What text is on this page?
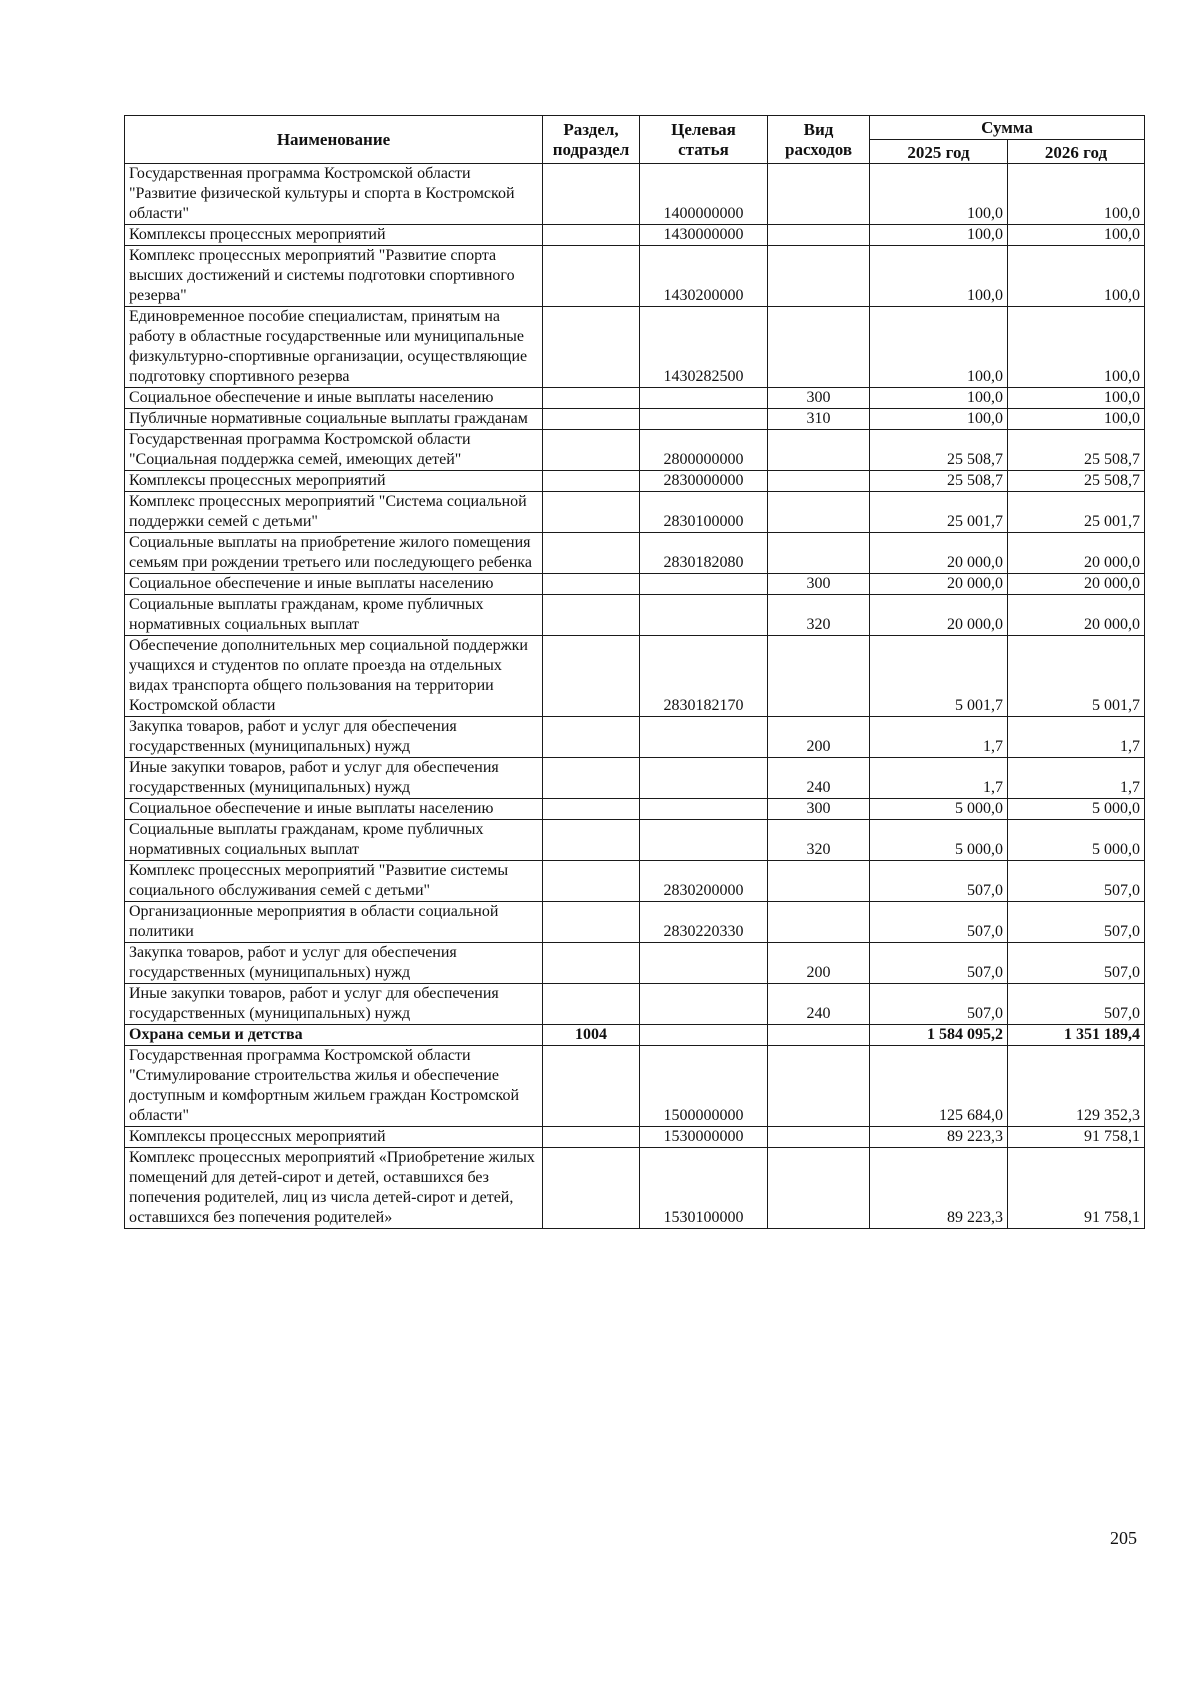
Наименование	Раздел, подраздел	Целевая статья	Вид расходов	Сумма	
				2025 год	2026 год
Государственная программа Костромской области "Развитие физической культуры и спорта в Костромской области"		1400000000		100,0	100,0
Комплексы процессных мероприятий		1430000000		100,0	100,0
Комплекс процессных мероприятий "Развитие спорта высших достижений и системы подготовки спортивного резерва"		1430200000		100,0	100,0
Единовременное пособие специалистам, принятым на работу в областные государственные или муниципальные физкультурно-спортивные организации, осуществляющие подготовку спортивного резерва		1430282500		100,0	100,0
Социальное обеспечение и иные выплаты населению			300	100,0	100,0
Публичные нормативные социальные выплаты гражданам			310	100,0	100,0
Государственная программа Костромской области "Социальная поддержка семей, имеющих детей"		2800000000		25 508,7	25 508,7
Комплексы процессных мероприятий		2830000000		25 508,7	25 508,7
Комплекс процессных мероприятий "Система социальной поддержки семей с детьми"		2830100000		25 001,7	25 001,7
Социальные выплаты на приобретение жилого помещения семьям при рождении третьего или последующего ребенка		2830182080		20 000,0	20 000,0
Социальное обеспечение и иные выплаты населению			300	20 000,0	20 000,0
Социальные выплаты гражданам, кроме публичных нормативных социальных выплат			320	20 000,0	20 000,0
Обеспечение дополнительных мер социальной поддержки учащихся и студентов по оплате проезда на отдельных видах транспорта общего пользования на территории Костромской области		2830182170		5 001,7	5 001,7
Закупка товаров, работ и услуг для обеспечения государственных (муниципальных) нужд			200	1,7	1,7
Иные закупки товаров, работ и услуг для обеспечения государственных (муниципальных) нужд			240	1,7	1,7
Социальное обеспечение и иные выплаты населению			300	5 000,0	5 000,0
Социальные выплаты гражданам, кроме публичных нормативных социальных выплат			320	5 000,0	5 000,0
Комплекс процессных мероприятий "Развитие системы социального обслуживания семей с детьми"		2830200000		507,0	507,0
Организационные мероприятия в области социальной политики		2830220330		507,0	507,0
Закупка товаров, работ и услуг для обеспечения государственных (муниципальных) нужд			200	507,0	507,0
Иные закупки товаров, работ и услуг для обеспечения государственных (муниципальных) нужд			240	507,0	507,0
Охрана семьи и детства	1004			1 584 095,2	1 351 189,4
Государственная программа Костромской области "Стимулирование строительства жилья и обеспечение доступным и комфортным жильем граждан Костромской области"		1500000000		125 684,0	129 352,3
Комплексы процессных мероприятий		1530000000		89 223,3	91 758,1
Комплекс процессных мероприятий «Приобретение жилых помещений для детей-сирот и детей, оставшихся без попечения родителей, лиц из числа детей-сирот и детей, оставшихся без попечения родителей»		1530100000		89 223,3	91 758,1
205
